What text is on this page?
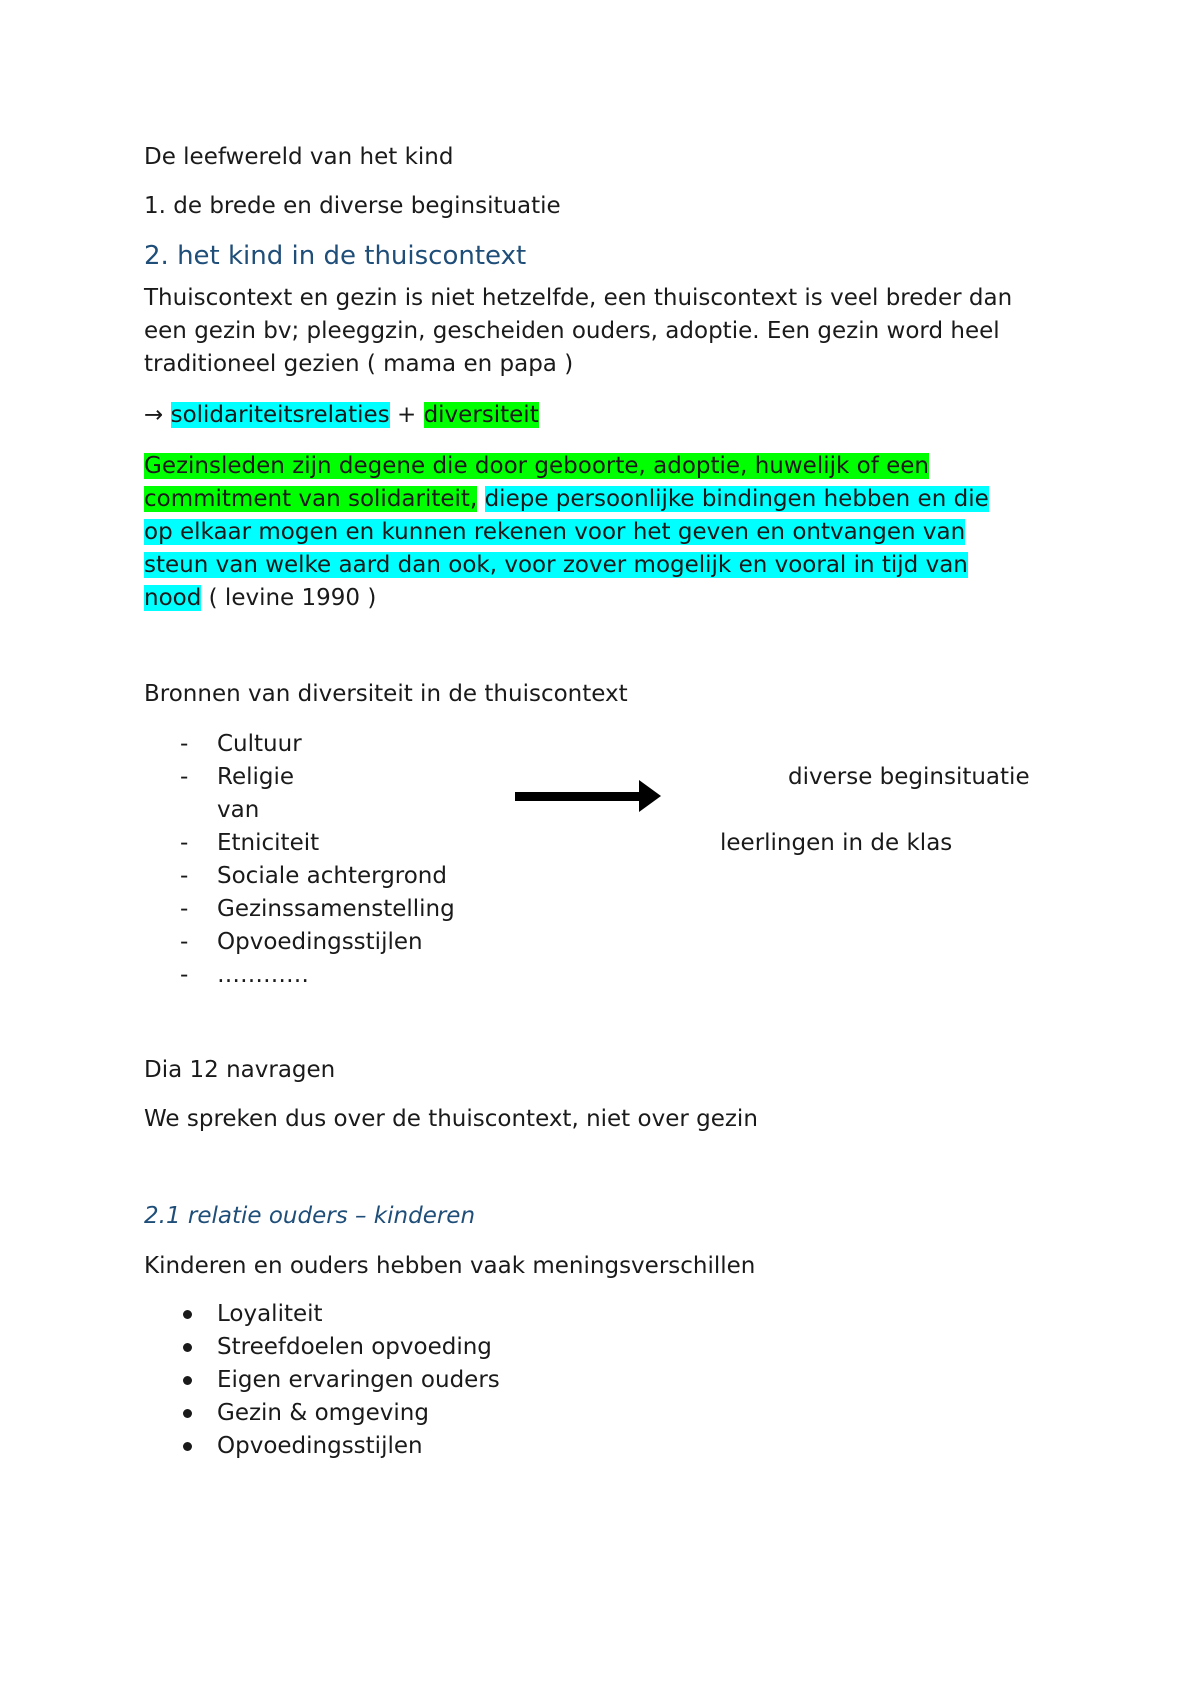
De leefwereld van het kind
1. de brede en diverse beginsituatie
2. het kind in de thuiscontext
Thuiscontext en gezin is niet hetzelfde, een thuiscontext is veel breder dan
een gezin bv; pleeggzin, gescheiden ouders, adoptie. Een gezin word heel
traditioneel gezien ( mama en papa )
→ solidariteitsrelaties + diversiteit
Gezinsleden zijn degene die door geboorte, adoptie, huwelijk of een
commitment van solidariteit, diepe persoonlijke bindingen hebben en die
op elkaar mogen en kunnen rekenen voor het geven en ontvangen van
steun van welke aard dan ook, voor zover mogelijk en vooral in tijd van
nood ( levine 1990 )
Bronnen van diversiteit in de thuiscontext
- Cultuur
- Religie
van
- Etniciteit
- Sociale achtergrond
- Gezinssamenstelling
- Opvoedingsstijlen
- …………
diverse beginsituatie
leerlingen in de klas
Dia 12 navragen
We spreken dus over de thuiscontext, niet over gezin
2.1 relatie ouders – kinderen
Kinderen en ouders hebben vaak meningsverschillen
Loyaliteit
Streefdoelen opvoeding
Eigen ervaringen ouders
Gezin & omgeving
Opvoedingsstijlen
